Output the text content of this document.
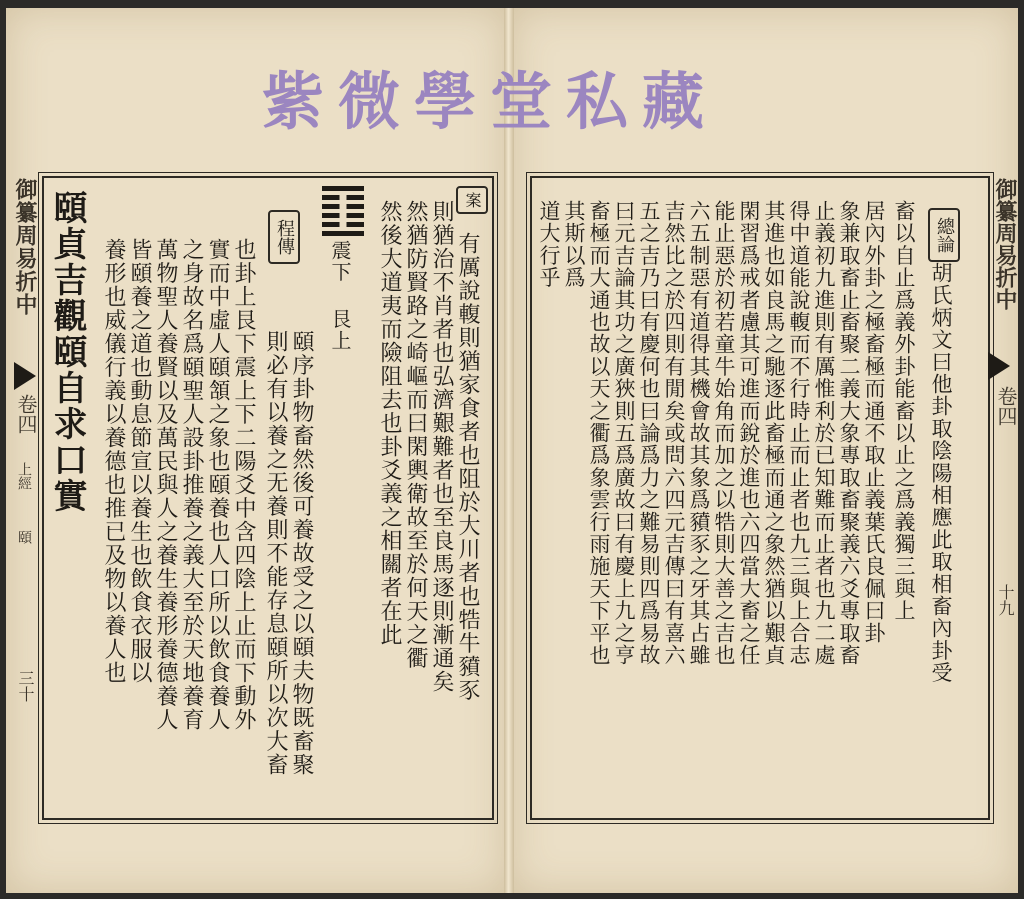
紫微學堂私藏
御纂周易折中
卷四
上經
頤
三十
頤貞吉觀頤自求口實 養形也威儀行義以養德也推已及物以養人也 皆頤養之道也動息節宣以養生也飲食衣服以 萬物聖人養賢以及萬民與人之養生養形養德養人 之身故名爲頤聖人設卦推養之義大至於天地養育 實而中虛人頤頷之象也頤養也人口所以飲食養人 也卦上艮下震上下二陽爻中含四陰上止而下動外 則必有以養之无養則不能存息頤所以次大畜 頤序卦物畜然後可養故受之以頤夫物既畜聚
程傳
震下 艮上 然後大道夷而險阻去也卦爻義之相關者在此 然猶防賢路之崎嶇而曰閑輿衛故至於何天之衢 則猶治不肖者也弘濟艱難者也至良馬逐則漸通矣 有厲說輹則猶家食者也阻於大川者也牿牛豶豕
案	道大行乎 其斯以爲 畜極而大通也故以天之衢爲象雲行雨施天下平也 曰元吉論其功之廣狹則五爲廣故曰有慶上九之亨 五之吉乃曰有慶何也曰論爲力之難易則四爲易故 吉然比之於四則有閒矣或問六四元吉傳曰有喜六 六五制惡有道得其機會故其象爲豶豕之牙其占雖 能止惡於初若童牛始角而加之以牿則大善之吉也 閑習爲戒者慮其可進而銳於進也六四當大畜之任 其進也如良馬之馳逐此畜極而通之象然猶以艱貞 得中道能說輹而不行時止而止者也九三與上合志 止義初九進則有厲惟利於已知難而止者也九二處 象兼取畜止畜聚二義大象專取畜聚義六爻專取畜 居內外卦之極畜極而通不取止義葉氏良佩曰卦 畜以自止爲義外卦能畜以止之爲義獨三與上 胡氏炳文曰他卦取陰陽相應此取相畜內卦受
總論 御纂周易折中
卷四
十九
